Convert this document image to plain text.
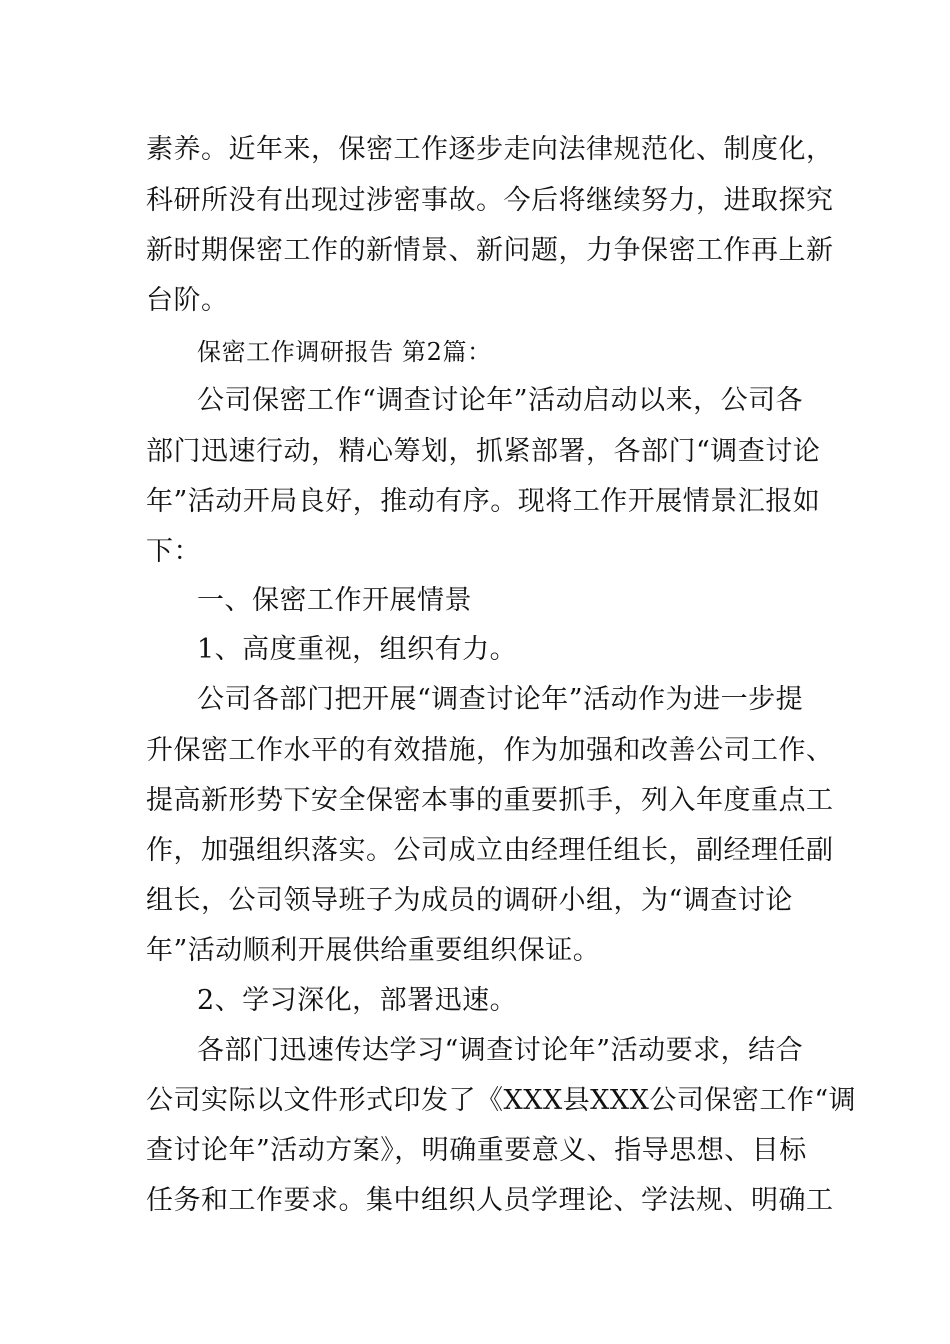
素养。近年来，保密工作逐步走向法律规范化、制度化，

科研所没有出现过涉密事故。今后将继续努力，进取探究

新时期保密工作的新情景、新问题，力争保密工作再上新

台阶。

保密工作调研报告 第2篇：

公司保密工作“调查讨论年”活动启动以来，公司各

部门迅速行动，精心筹划，抓紧部署，各部门“调查讨论

年”活动开局良好，推动有序。现将工作开展情景汇报如

下：

一、保密工作开展情景

1、高度重视，组织有力。

公司各部门把开展“调查讨论年”活动作为进一步提

升保密工作水平的有效措施，作为加强和改善公司工作、

提高新形势下安全保密本事的重要抓手，列入年度重点工

作，加强组织落实。公司成立由经理任组长，副经理任副

组长，公司领导班子为成员的调研小组，为“调查讨论

年”活动顺利开展供给重要组织保证。

2、学习深化，部署迅速。

各部门迅速传达学习“调查讨论年”活动要求，结合

公司实际以文件形式印发了《XXX县XXX公司保密工作“调

查讨论年”活动方案》，明确重要意义、指导思想、目标

任务和工作要求。集中组织人员学理论、学法规、明确工
